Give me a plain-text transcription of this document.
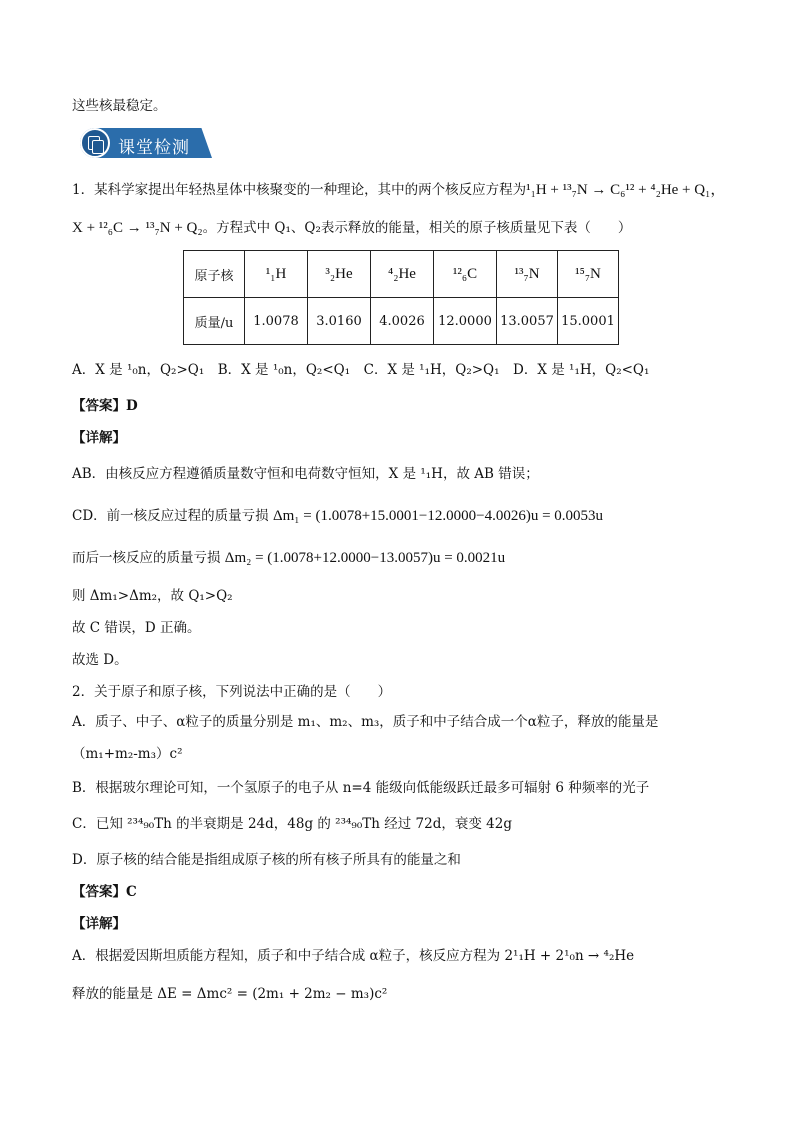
这些核最稳定。
课堂检测
1．某科学家提出年轻热星体中核聚变的一种理论，其中的两个核反应方程为¹₁H + ¹³₇N → C₆¹² + ⁴₂He + Q₁，
X + ¹²₆C → ¹³₇N + Q₂。方程式中 Q₁、Q₂表示释放的能量，相关的原子核质量见下表（　　）
原子核	¹₁H	³₂He	⁴₂He	¹²₆C	¹³₇N	¹⁵₇N
质量/u	1.0078	3.0160	4.0026	12.0000	13.0057	15.0001
A．X 是 ¹₀n，Q₂>Q₁　B．X 是 ¹₀n，Q₂<Q₁　C．X 是 ¹₁H，Q₂>Q₁　D．X 是 ¹₁H，Q₂<Q₁
【答案】D
【详解】
AB．由核反应方程遵循质量数守恒和电荷数守恒知，X 是 ¹₁H，故 AB 错误；
CD．前一核反应过程的质量亏损 Δm₁ = (1.0078+15.0001−12.0000−4.0026)u = 0.0053u
而后一核反应的质量亏损 Δm₂ = (1.0078+12.0000−13.0057)u = 0.0021u
则 Δm₁>Δm₂，故 Q₁>Q₂
故 C 错误，D 正确。
故选 D。
2．关于原子和原子核，下列说法中正确的是（　　）
A．质子、中子、α粒子的质量分别是 m₁、m₂、m₃，质子和中子结合成一个α粒子，释放的能量是
（m₁+m₂-m₃）c²
B．根据玻尔理论可知，一个氢原子的电子从 n=4 能级向低能级跃迁最多可辐射 6 种频率的光子
C．已知 ²³⁴₉₀Th 的半衰期是 24d，48g 的 ²³⁴₉₀Th 经过 72d，衰变 42g
D．原子核的结合能是指组成原子核的所有核子所具有的能量之和
【答案】C
【详解】
A．根据爱因斯坦质能方程知，质子和中子结合成 α粒子，核反应方程为 2¹₁H + 2¹₀n → ⁴₂He
释放的能量是 ΔE = Δmc² = (2m₁ + 2m₂ − m₃)c²
